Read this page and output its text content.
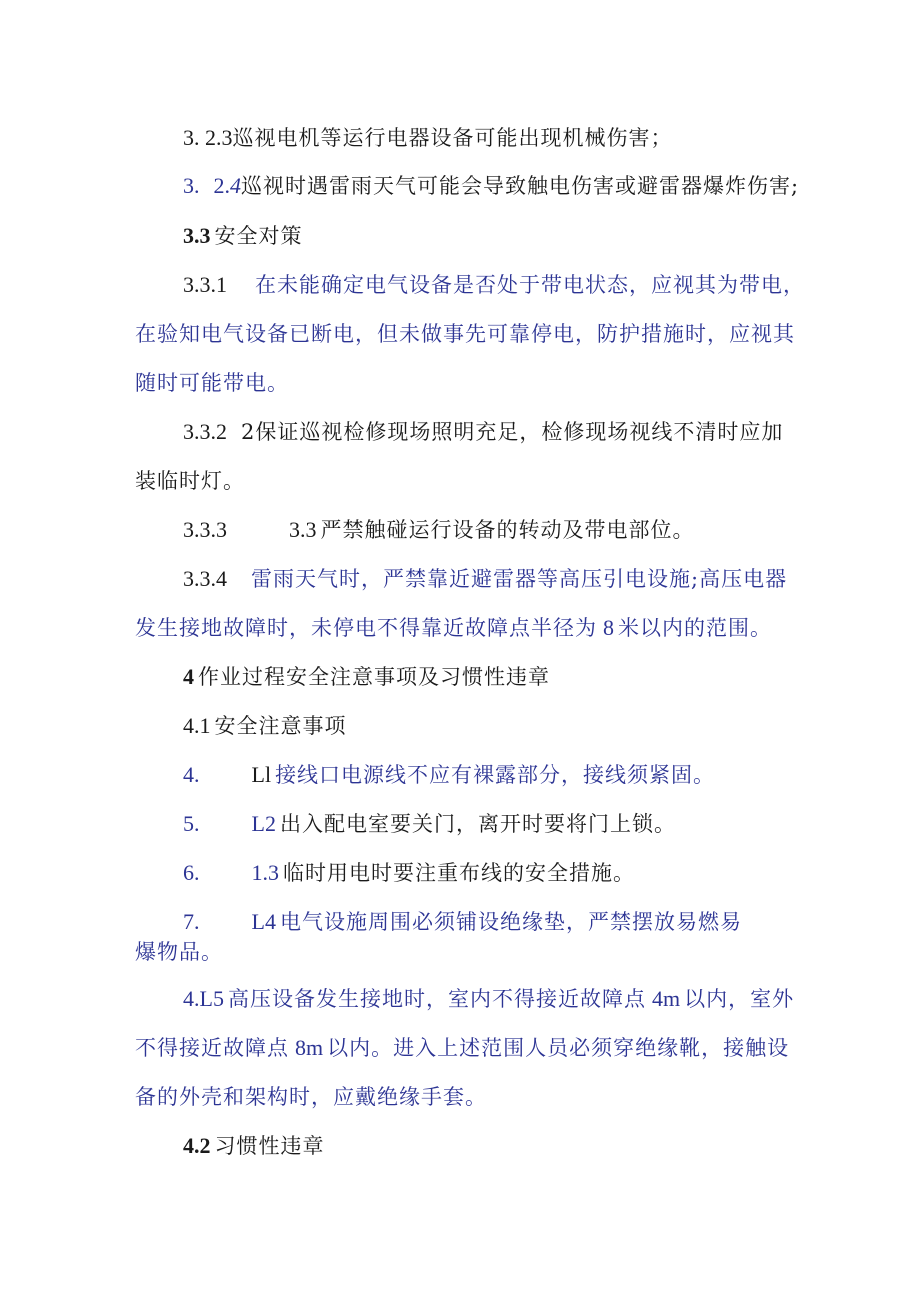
3. 2.3巡视电机等运行电器设备可能出现机械伤害；

3. 2.4巡视时遇雷雨天气可能会导致触电伤害或避雷器爆炸伤害;

3.3 安全对策

3.3.1 在未能确定电气设备是否处于带电状态，应视其为带电，

在验知电气设备已断电，但未做事先可靠停电，防护措施时，应视其

随时可能带电。

3.3.2 2保证巡视检修现场照明充足，检修现场视线不清时应加

装临时灯。

3.3.3	3.3 严禁触碰运行设备的转动及带电部位。

3.3.4 雷雨天气时，严禁靠近避雷器等高压引电设施;高压电器

发生接地故障时，未停电不得靠近故障点半径为 8 米以内的范围。

4 作业过程安全注意事项及习惯性违章

4.1 安全注意事项

4. Ll 接线口电源线不应有裸露部分，接线须紧固。

5. L2 出入配电室要关门，离开时要将门上锁。

6. 1.3 临时用电时要注重布线的安全措施。

7. L4 电气设施周围必须铺设绝缘垫，严禁摆放易燃易

爆物品。

4.L5 高压设备发生接地时，室内不得接近故障点 4m 以内，室外

不得接近故障点 8m 以内。进入上述范围人员必须穿绝缘靴，接触设

备的外壳和架构时，应戴绝缘手套。

4.2 习惯性违章
